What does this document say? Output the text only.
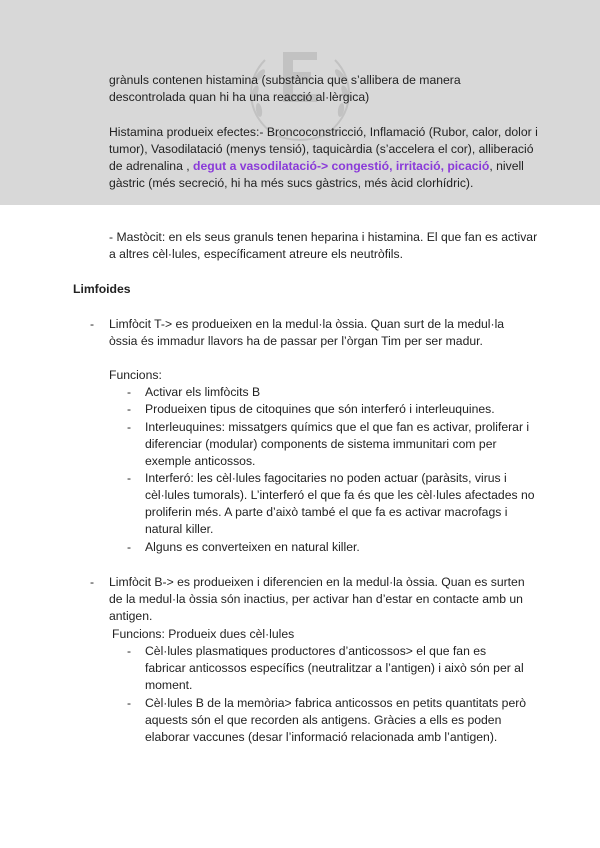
grànuls contenen histamina (substància que s’allibera de manera descontrolada quan hi ha una reacció al·lèrgica)

Histamina produeix efectes:- Broncoconstricció, Inflamació (Rubor, calor, dolor i tumor), Vasodilatació (menys tensió), taquicàrdia (s’accelera el cor), alliberació de adrenalina , degut a vasodilatació-> congestió, irritació, picació, nivell gàstric (més secreció, hi ha més sucs gàstrics, més àcid clorhídric).

- Mastòcit: en els seus granuls tenen heparina i histamina. El que fan es activar a altres cèl·lules, específicament atreure els neutròfils.

Limfoides

- Limfòcit T-> es produeixen en la medul·la òssia. Quan surt de la medul·la òssia és immadur llavors ha de passar per l’òrgan Tim per ser madur.

Funcions:

- Activar els limfòcits B

- Produeixen tipus de citoquines que són interferó i interleuquines.

- Interleuquines: missatgers químics que el que fan es activar, proliferar i diferenciar (modular) components de sistema immunitari com per exemple anticossos.

- Interferó: les cèl·lules fagocitaries no poden actuar (paràsits, virus i cèl·lules tumorals). L’interferó el que fa és que les cèl·lules afectades no proliferin més. A parte d’això també el que fa es activar macrofags i natural killer.

- Alguns es converteixen en natural killer.

- Limfòcit B-> es produeixen i diferencien en la medul·la òssia. Quan es surten de la medul·la òssia són inactius, per activar han d’estar en contacte amb un antigen.

Funcions: Produeix dues cèl·lules

- Cèl·lules plasmatiques productores d’anticossos> el que fan es fabricar anticossos específics (neutralitzar a l’antigen) i això són per al moment.

- Cèl·lules B de la memòria> fabrica anticossos en petits quantitats però aquests són el que recorden als antigens. Gràcies a ells es poden elaborar vaccunes (desar l’informació relacionada amb l’antigen).
